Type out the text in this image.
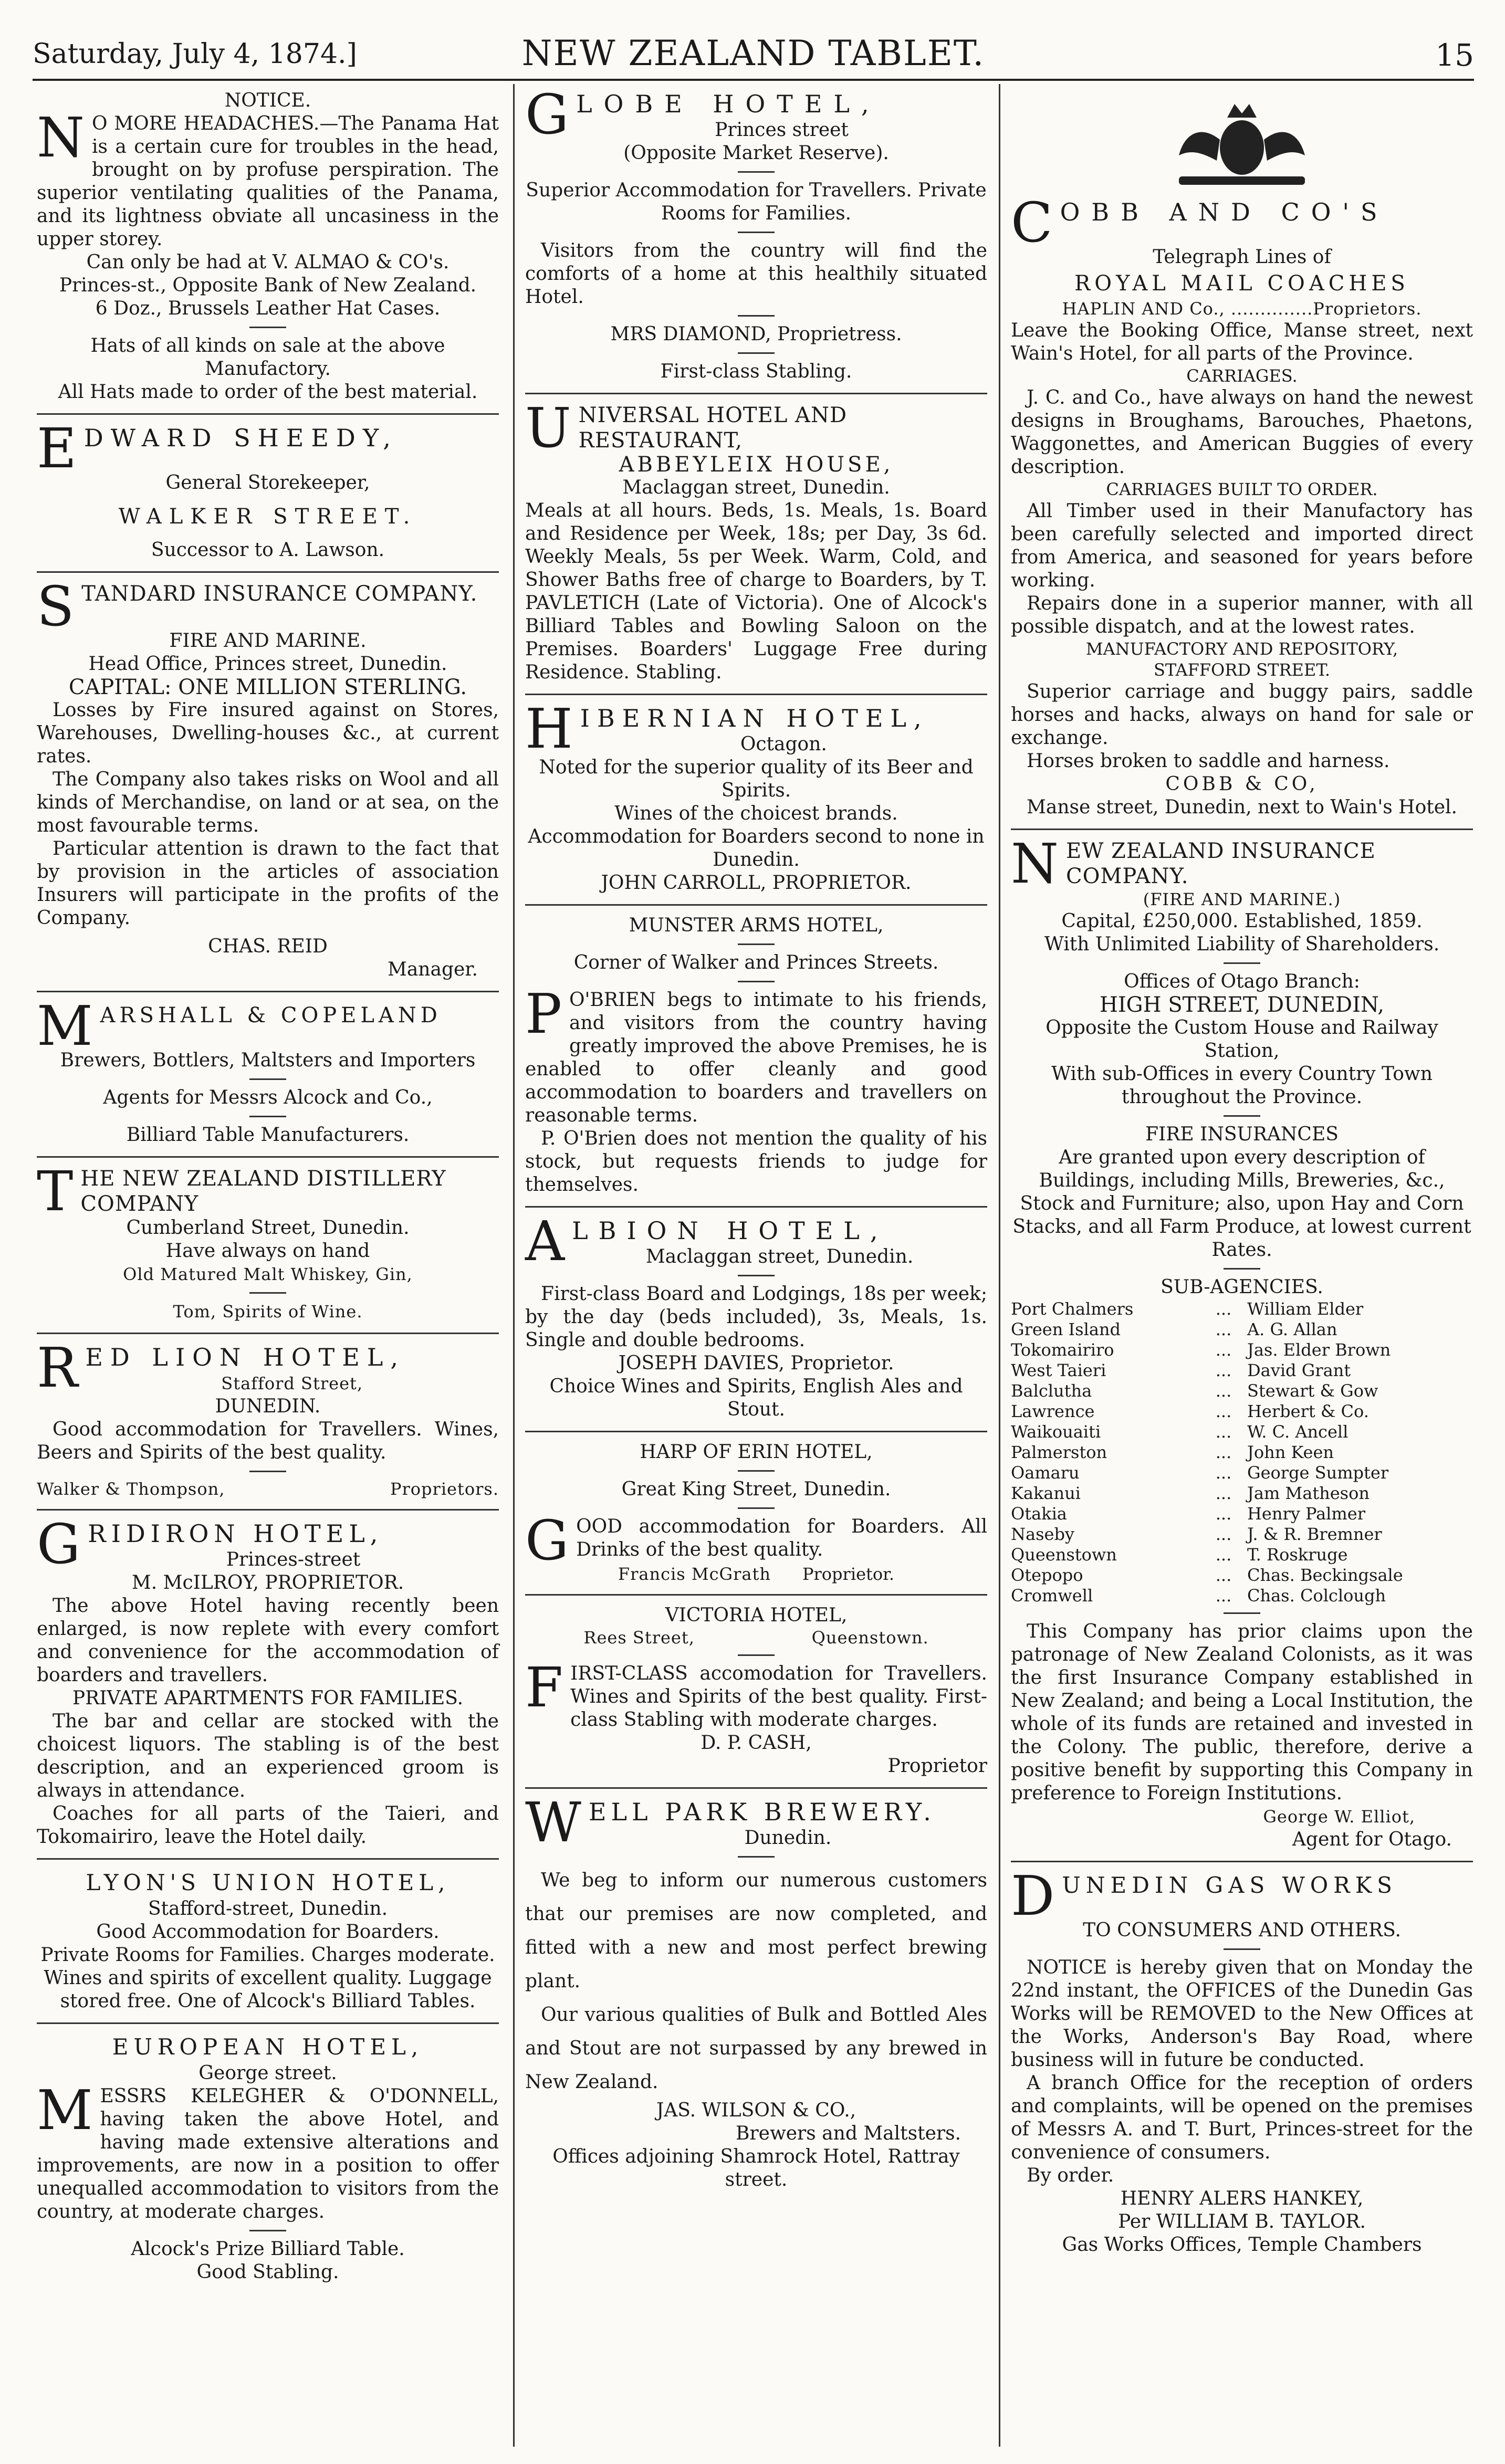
Saturday, July 4, 1874.]	NEW ZEALAND TABLET.	15

NOTICE.

N O MORE HEADACHES.—The Panama Hat is a certain cure for troubles in the head, brought on by profuse perspiration. The superior ventilating qualities of the Panama, and its lightness obviate all uncasiness in the upper storey.

Can only be had at V. ALMAO & CO's.

Princes-st., Opposite Bank of New Zealand.

6 Doz., Brussels Leather Hat Cases.

Hats of all kinds on sale at the above Manufactory.

All Hats made to order of the best material.

EDWARD SHEEDY,

General Storekeeper,

WALKER STREET.

Successor to A. Lawson.

STANDARD INSURANCE COMPANY.

FIRE AND MARINE.

Head Office, Princes street, Dunedin.

CAPITAL: ONE MILLION STERLING.

Losses by Fire insured against on Stores, Warehouses, Dwelling-houses &c., at current rates.

The Company also takes risks on Wool and all kinds of Merchandise, on land or at sea, on the most favourable terms.

Particular attention is drawn to the fact that by provision in the articles of association Insurers will participate in the profits of the Company.

CHAS. REID

Manager.

MARSHALL & COPELAND

Brewers, Bottlers, Maltsters and Importers

Agents for Messrs Alcock and Co.,

Billiard Table Manufacturers.

THE NEW ZEALAND DISTILLERY COMPANY

Cumberland Street, Dunedin.

Have always on hand

Old Matured Malt Whiskey, Gin,

Tom, Spirits of Wine.

RED LION HOTEL,

Stafford Street,

DUNEDIN.

Good accommodation for Travellers. Wines, Beers and Spirits of the best quality.

Walker & Thompson,	Proprietors.

GRIDIRON HOTEL,

Princes-street

M. McILROY, PROPRIETOR.

The above Hotel having recently been enlarged, is now replete with every comfort and convenience for the accommodation of boarders and travellers.

PRIVATE APARTMENTS FOR FAMILIES.

The bar and cellar are stocked with the choicest liquors. The stabling is of the best description, and an experienced groom is always in attendance.

Coaches for all parts of the Taieri, and Tokomairiro, leave the Hotel daily.

LYON'S UNION HOTEL,

Stafford-street, Dunedin.

Good Accommodation for Boarders.

Private Rooms for Families. Charges moderate. Wines and spirits of excellent quality. Luggage stored free. One of Alcock's Billiard Tables.

EUROPEAN HOTEL,

George street.

MESSRS KELEGHER & O'DONNELL, having taken the above Hotel, and having made extensive alterations and improvements, are now in a position to offer unequalled accommodation to visitors from the country, at moderate charges.

Alcock's Prize Billiard Table.

Good Stabling.

GLOBE HOTEL,

Princes street

(Opposite Market Reserve).

Superior Accommodation for Travellers. Private Rooms for Families.

Visitors from the country will find the comforts of a home at this healthily situated Hotel.

MRS DIAMOND, Proprietress.

First-class Stabling.

UNIVERSAL HOTEL AND RESTAURANT,

ABBEYLEIX HOUSE,

Maclaggan street, Dunedin.

Meals at all hours. Beds, 1s. Meals, 1s. Board and Residence per Week, 18s; per Day, 3s 6d. Weekly Meals, 5s per Week. Warm, Cold, and Shower Baths free of charge to Boarders, by T. PAVLETICH (Late of Victoria). One of Alcock's Billiard Tables and Bowling Saloon on the Premises. Boarders' Luggage Free during Residence. Stabling.

HIBERNIAN HOTEL,

Octagon.

Noted for the superior quality of its Beer and Spirits.

Wines of the choicest brands.

Accommodation for Boarders second to none in Dunedin.

JOHN CARROLL, PROPRIETOR.

MUNSTER ARMS HOTEL,

Corner of Walker and Princes Streets.

P O'BRIEN begs to intimate to his friends, and visitors from the country having greatly improved the above Premises, he is enabled to offer cleanly and good accommodation to boarders and travellers on reasonable terms.

P. O'Brien does not mention the quality of his stock, but requests friends to judge for themselves.

ALBION HOTEL,

Maclaggan street, Dunedin.

First-class Board and Lodgings, 18s per week; by the day (beds included), 3s, Meals, 1s. Single and double bedrooms.

JOSEPH DAVIES, Proprietor.

Choice Wines and Spirits, English Ales and Stout.

HARP OF ERIN HOTEL,

Great King Street, Dunedin.

GOOD accommodation for Boarders. All Drinks of the best quality.

Francis McGrath Proprietor.

VICTORIA HOTEL,

Rees Street,	Queenstown.

FIRST-CLASS accomodation for Travellers. Wines and Spirits of the best quality. First-class Stabling with moderate charges.

D. P. CASH,

Proprietor

WELL PARK BREWERY.

Dunedin.

We beg to inform our numerous customers that our premises are now completed, and fitted with a new and most perfect brewing plant.

Our various qualities of Bulk and Bottled Ales and Stout are not surpassed by any brewed in New Zealand.

JAS. WILSON & CO.,

Brewers and Maltsters.

Offices adjoining Shamrock Hotel, Rattray street.

COBB AND CO'S

Telegraph Lines of

ROYAL MAIL COACHES

HAPLIN AND Co., ..............Proprietors.

Leave the Booking Office, Manse street, next Wain's Hotel, for all parts of the Province.

CARRIAGES.

J. C. and Co., have always on hand the newest designs in Broughams, Barouches, Phaetons, Waggonettes, and American Buggies of every description.

CARRIAGES BUILT TO ORDER.

All Timber used in their Manufactory has been carefully selected and imported direct from America, and seasoned for years before working.

Repairs done in a superior manner, with all possible dispatch, and at the lowest rates.

MANUFACTORY AND REPOSITORY,

STAFFORD STREET.

Superior carriage and buggy pairs, saddle horses and hacks, always on hand for sale or exchange.

Horses broken to saddle and harness.

COBB & CO,

Manse street, Dunedin, next to Wain's Hotel.

NEW ZEALAND INSURANCE COMPANY.

(FIRE AND MARINE.)

Capital, £250,000. Established, 1859.

With Unlimited Liability of Shareholders.

Offices of Otago Branch:

HIGH STREET, DUNEDIN,

Opposite the Custom House and Railway Station,

With sub-Offices in every Country Town throughout the Province.

FIRE INSURANCES

Are granted upon every description of Buildings, including Mills, Breweries, &c., Stock and Furniture; also, upon Hay and Corn Stacks, and all Farm Produce, at lowest current Rates.

SUB-AGENCIES.

Port Chalmers	... William Elder
Green Island	... A. G. Allan
Tokomairiro	... Jas. Elder Brown
West Taieri	... David Grant
Balclutha	... Stewart & Gow
Lawrence	... Herbert & Co.
Waikouaiti	... W. C. Ancell
Palmerston	... John Keen
Oamaru	... George Sumpter
Kakanui	... Jam Matheson
Otakia	... Henry Palmer
Naseby	... J. & R. Bremner
Queenstown	... T. Roskruge
Otepopo	... Chas. Beckingsale
Cromwell	... Chas. Colclough

This Company has prior claims upon the patronage of New Zealand Colonists, as it was the first Insurance Company established in New Zealand; and being a Local Institution, the whole of its funds are retained and invested in the Colony. The public, therefore, derive a positive benefit by supporting this Company in preference to Foreign Institutions.

George W. Elliot,

Agent for Otago.

DUNEDIN GAS WORKS

TO CONSUMERS AND OTHERS.

NOTICE is hereby given that on Monday the 22nd instant, the OFFICES of the Dunedin Gas Works will be REMOVED to the New Offices at the Works, Anderson's Bay Road, where business will in future be conducted.

A branch Office for the reception of orders and complaints, will be opened on the premises of Messrs A. and T. Burt, Princes-street for the convenience of consumers.

By order.

HENRY ALERS HANKEY,

Per WILLIAM B. TAYLOR.

Gas Works Offices, Temple Chambers
